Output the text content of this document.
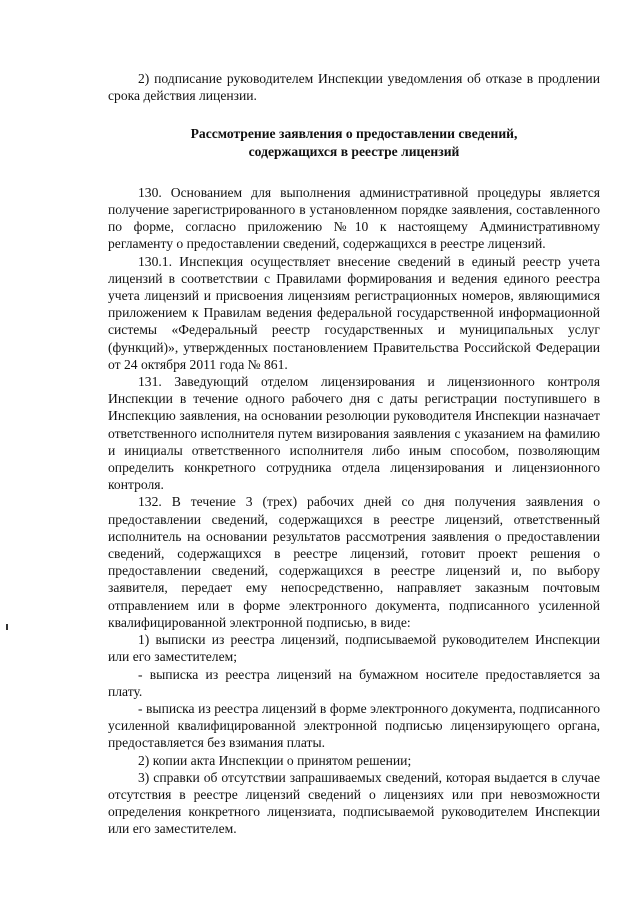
2) подписание руководителем Инспекции уведомления об отказе в продлении срока действия лицензии.

Рассмотрение заявления о предоставлении сведений,
содержащихся в реестре лицензий

130. Основанием для выполнения административной процедуры является получение зарегистрированного в установленном порядке заявления, составленного по форме, согласно приложению №10 к настоящему Административному регламенту о предоставлении сведений, содержащихся в реестре лицензий.

130.1. Инспекция осуществляет внесение сведений в единый реестр учета лицензий в соответствии с Правилами формирования и ведения единого реестра учета лицензий и присвоения лицензиям регистрационных номеров, являющимися приложением к Правилам ведения федеральной государственной информационной системы «Федеральный реестр государственных и муниципальных услуг (функций)», утвержденных постановлением Правительства Российской Федерации от 24 октября 2011 года № 861.

131. Заведующий отделом лицензирования и лицензионного контроля Инспекции в течение одного рабочего дня с даты регистрации поступившего в Инспекцию заявления, на основании резолюции руководителя Инспекции назначает ответственного исполнителя путем визирования заявления с указанием на фамилию и инициалы ответственного исполнителя либо иным способом, позволяющим определить конкретного сотрудника отдела лицензирования и лицензионного контроля.

132. В течение 3 (трех) рабочих дней со дня получения заявления о предоставлении сведений, содержащихся в реестре лицензий, ответственный исполнитель на основании результатов рассмотрения заявления о предоставлении сведений, содержащихся в реестре лицензий, готовит проект решения о предоставлении сведений, содержащихся в реестре лицензий и, по выбору заявителя, передает ему непосредственно, направляет заказным почтовым отправлением или в форме электронного документа, подписанного усиленной квалифицированной электронной подписью, в виде:

1) выписки из реестра лицензий, подписываемой руководителем Инспекции или его заместителем;

- выписка из реестра лицензий на бумажном носителе предоставляется за плату.

- выписка из реестра лицензий в форме электронного документа, подписанного усиленной квалифицированной электронной подписью лицензирующего органа, предоставляется без взимания платы.

2) копии акта Инспекции о принятом решении;

3) справки об отсутствии запрашиваемых сведений, которая выдается в случае отсутствия в реестре лицензий сведений о лицензиях или при невозможности определения конкретного лицензиата, подписываемой руководителем Инспекции или его заместителем.
